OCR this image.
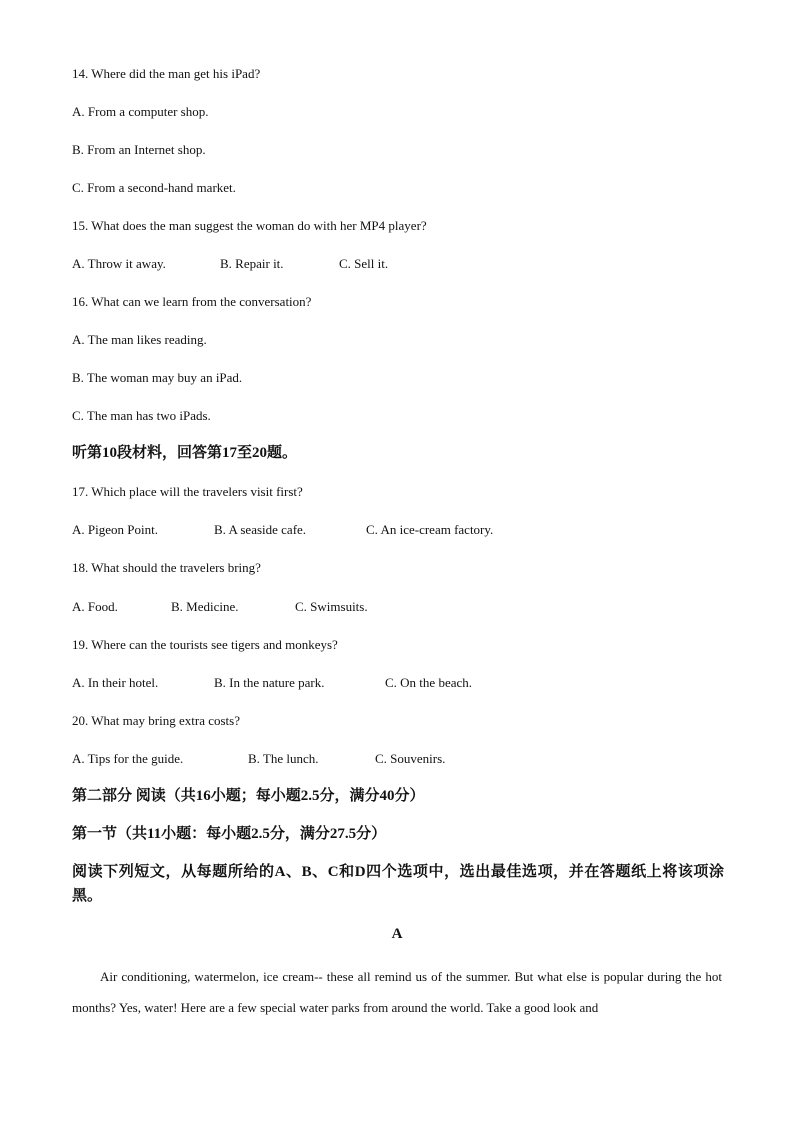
14. Where did the man get his iPad?
A. From a computer shop.
B. From an Internet shop.
C. From a second-hand market.
15. What does the man suggest the woman do with her MP4 player?
A. Throw it away.	B. Repair it.	C. Sell it.
16. What can we learn from the conversation?
A. The man likes reading.
B. The woman may buy an iPad.
C. The man has two iPads.
听第10段材料，回答第17至20题。
17. Which place will the travelers visit first?
A. Pigeon Point.	B. A seaside cafe.	C. An ice-cream factory.
18. What should the travelers bring?
A. Food.	B. Medicine.	C. Swimsuits.
19. Where can the tourists see tigers and monkeys?
A. In their hotel.	B. In the nature park.	C. On the beach.
20. What may bring extra costs?
A. Tips for the guide.	B. The lunch.	C. Souvenirs.
第二部分 阅读（共16小题；每小题2.5分，满分40分）
第一节（共11小题：每小题2.5分，满分27.5分）
阅读下列短文，从每题所给的A、B、C和D四个选项中，选出最佳选项，并在答题纸上将该项涂黑。
A
Air conditioning, watermelon, ice cream-- these all remind us of the summer. But what else is popular during the hot months? Yes, water! Here are a few special water parks from around the world. Take a good look and
